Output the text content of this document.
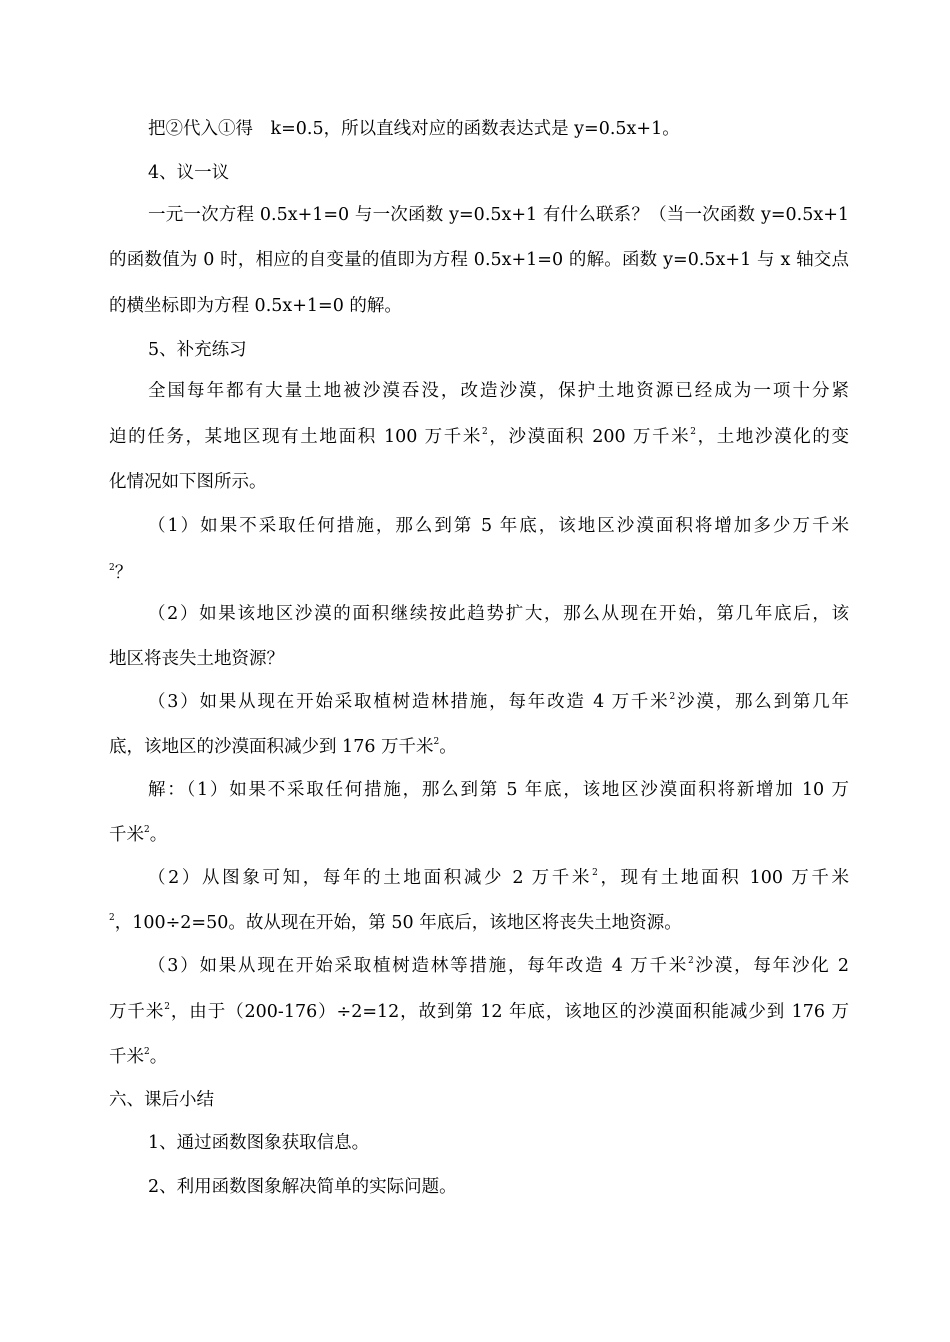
把②代入①得　k=0.5，所以直线对应的函数表达式是 y=0.5x+1。
4、议一议
一元一次方程 0.5x+1=0 与一次函数 y=0.5x+1 有什么联系？（当一次函数 y=0.5x+1
的函数值为 0 时，相应的自变量的值即为方程 0.5x+1=0 的解。函数 y=0.5x+1 与 x 轴交点
的横坐标即为方程 0.5x+1=0 的解。
5、补充练习
全国每年都有大量土地被沙漠吞没，改造沙漠，保护土地资源已经成为一项十分紧
迫的任务，某地区现有土地面积 100 万千米$^2$，沙漠面积 200 万千米$^2$，土地沙漠化的变
化情况如下图所示。
（1）如果不采取任何措施，那么到第 5 年底，该地区沙漠面积将增加多少万千米
$^2$？
（2）如果该地区沙漠的面积继续按此趋势扩大，那么从现在开始，第几年底后，该
地区将丧失土地资源？
（3）如果从现在开始采取植树造林措施，每年改造 4 万千米$^2$沙漠，那么到第几年
底，该地区的沙漠面积减少到 176 万千米$^2$。
解：（1）如果不采取任何措施，那么到第 5 年底，该地区沙漠面积将新增加 10 万
千米$^2$。
（2）从图象可知，每年的土地面积减少 2 万千米$^2$，现有土地面积 100 万千米
$^2$，100÷2=50。故从现在开始，第 50 年底后，该地区将丧失土地资源。
（3）如果从现在开始采取植树造林等措施，每年改造 4 万千米$^2$沙漠，每年沙化 2
万千米$^2$，由于（200-176）÷2=12，故到第 12 年底，该地区的沙漠面积能减少到 176 万
千米$^2$。
六、课后小结
1、通过函数图象获取信息。
2、利用函数图象解决简单的实际问题。
